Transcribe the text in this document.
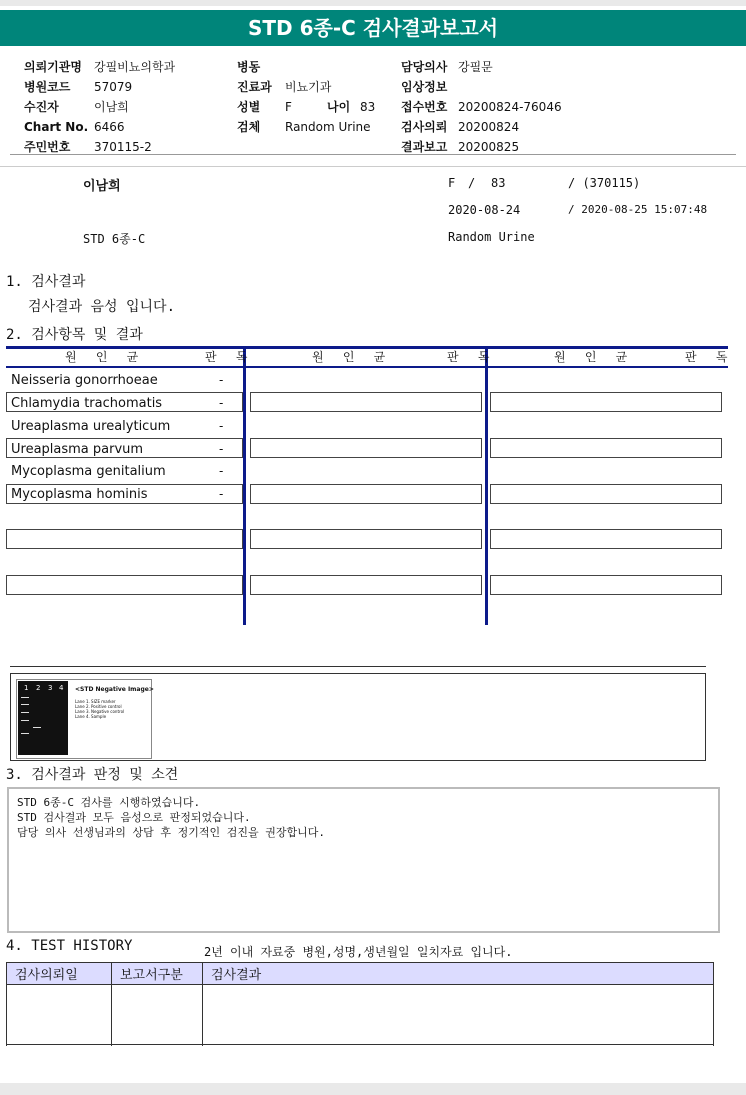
STD 6종-C 검사결과보고서
의뢰기관명 강필비뇨의학과
병원코드 57079
수진자	이남희
Chart No. 6466
주민번호 370115-2
병동
진료과 비뇨기과
성별 F	나이 83
검체 Random Urine
담당의사 강필문
임상정보
접수번호 20200824-76046
검사의뢰 20200824
결과보고 20200825
이남희	F / 83	/ (370115)
2020-08-24	/ 2020-08-25 15:07:48
STD 6종-C	Random Urine
1. 검사결과
검사결과 음성 입니다.
2. 검사항목 및 결과
원 인 균	판 독	원 인 균	판 독	원 인 균	판 독
Neisseria gonorrhoeae	-
Chlamydia trachomatis	-
Ureaplasma urealyticum	-
Ureaplasma parvum	-
Mycoplasma genitalium	-
Mycoplasma hominis	-
1 2 3 4 <STD Negative Image>
Lane 1. SIZE marker
Lane 2. Positive control
Lane 3. Negative control
Lane 4. Sample
3. 검사결과 판정 및 소견
STD 6종-C 검사를 시행하였습니다.
STD 검사결과 모두 음성으로 판정되었습니다.
담당 의사 선생님과의 상담 후 정기적인 검진을 권장합니다.
4. TEST HISTORY	2년 이내 자료중 병원,성명,생년월일 일치자료 입니다.
검사의뢰일	보고서구분	검사결과
